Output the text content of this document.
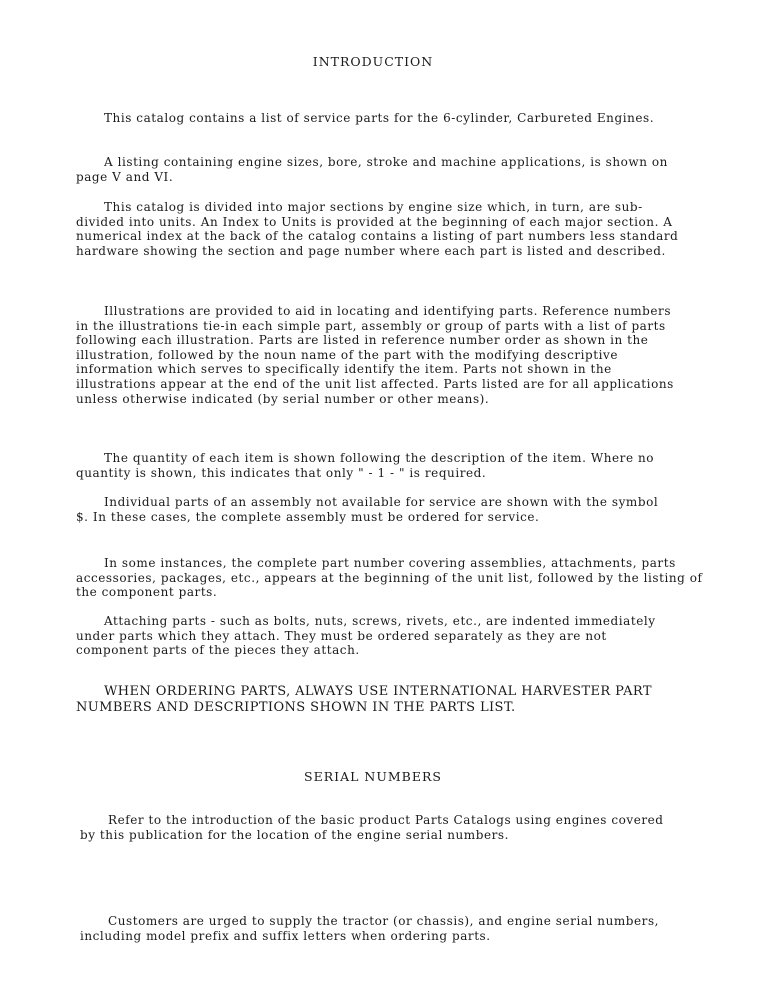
INTRODUCTION

This catalog contains a list of service parts for the 6-cylinder, Carbureted Engines.

A listing containing engine sizes, bore, stroke and machine applications, is shown on page V and VI.

This catalog is divided into major sections by engine size which, in turn, are sub-divided into units. An Index to Units is provided at the beginning of each major section. A numerical index at the back of the catalog contains a listing of part numbers less standard hardware showing the section and page number where each part is listed and described.

Illustrations are provided to aid in locating and identifying parts. Reference numbers in the illustrations tie-in each simple part, assembly or group of parts with a list of parts following each illustration. Parts are listed in reference number order as shown in the illustration, followed by the noun name of the part with the modifying descriptive information which serves to specifically identify the item. Parts not shown in the illustrations appear at the end of the unit list affected. Parts listed are for all applications unless otherwise indicated (by serial number or other means).

The quantity of each item is shown following the description of the item. Where no quantity is shown, this indicates that only " - 1 - " is required.

Individual parts of an assembly not available for service are shown with the symbol $. In these cases, the complete assembly must be ordered for service.

In some instances, the complete part number covering assemblies, attachments, parts accessories, packages, etc., appears at the beginning of the unit list, followed by the listing of the component parts.

Attaching parts - such as bolts, nuts, screws, rivets, etc., are indented immediately under parts which they attach. They must be ordered separately as they are not component parts of the pieces they attach.

WHEN ORDERING PARTS, ALWAYS USE INTERNATIONAL HARVESTER PART NUMBERS AND DESCRIPTIONS SHOWN IN THE PARTS LIST.

SERIAL NUMBERS

Refer to the introduction of the basic product Parts Catalogs using engines covered by this publication for the location of the engine serial numbers.

Customers are urged to supply the tractor (or chassis), and engine serial numbers, including model prefix and suffix letters when ordering parts.
